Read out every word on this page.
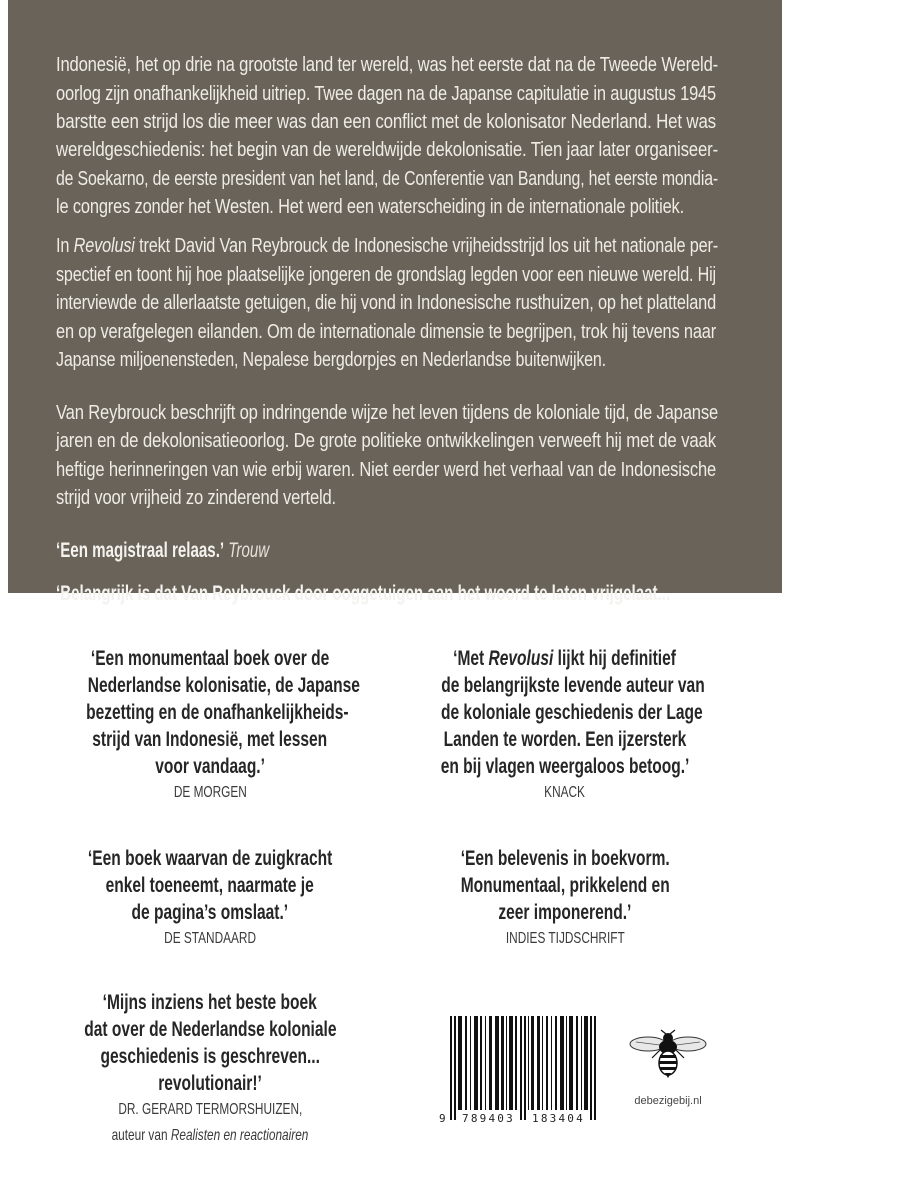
Indonesië, het op drie na grootste land ter wereld, was het eerste dat na de Tweede Wereld-
oorlog zijn onafhankelijkheid uitriep. Twee dagen na de Japanse capitulatie in augustus 1945
barstte een strijd los die meer was dan een conflict met de kolonisator Nederland. Het was
wereldgeschiedenis: het begin van de wereldwijde dekolonisatie. Tien jaar later organiseer-
de Soekarno, de eerste president van het land, de Conferentie van Bandung, het eerste mondia-
le congres zonder het Westen. Het werd een waterscheiding in de internationale politiek.
In Revolusi trekt David Van Reybrouck de Indonesische vrijheidsstrijd los uit het nationale per-
spectief en toont hij hoe plaatselijke jongeren de grondslag legden voor een nieuwe wereld. Hij
interviewde de allerlaatste getuigen, die hij vond in Indonesische rusthuizen, op het platteland
en op verafgelegen eilanden. Om de internationale dimensie te begrijpen, trok hij tevens naar
Japanse miljoenensteden, Nepalese bergdorpjes en Nederlandse buitenwijken.
Van Reybrouck beschrijft op indringende wijze het leven tijdens de koloniale tijd, de Japanse
jaren en de dekolonisatieoorlog. De grote politieke ontwikkelingen verweeft hij met de vaak
heftige herinneringen van wie erbij waren. Niet eerder werd het verhaal van de Indonesische
strijd voor vrijheid zo zinderend verteld.
‘Een magistraal relaas.’ Trouw
‘Belangrijk is dat Van Reybrouck door ooggetuigen aan het woord te laten vrijgelaat...
‘Een monumentaal boek over de
Nederlandse kolonisatie, de Japanse
bezetting en de onafhankelijkheids-
strijd van Indonesië, met lessen
voor vandaag.’
DE MORGEN
‘Met Revolusi lijkt hij definitief
de belangrijkste levende auteur van
de koloniale geschiedenis der Lage
Landen te worden. Een ijzersterk
en bij vlagen weergaloos betoog.’
KNACK
‘Een boek waarvan de zuigkracht
enkel toeneemt, naarmate je
de pagina’s omslaat.’
DE STANDAARD
‘Een belevenis in boekvorm.
Monumentaal, prikkelend en
zeer imponerend.’
INDIES TIJDSCHRIFT
‘Mijns inziens het beste boek
dat over de Nederlandse koloniale
geschiedenis is geschreven...
revolutionair!’
DR. GERARD TERMORSHUIZEN,
auteur van Realisten en reactionairen
9 789403 183404
debezigebij.nl
